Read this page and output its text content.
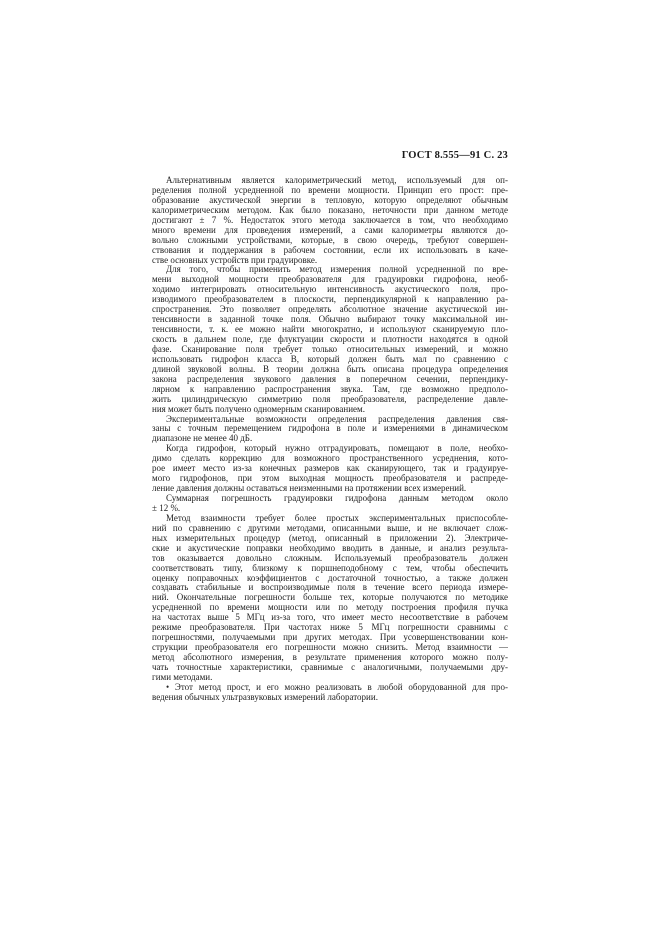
ГОСТ 8.555—91 С. 23
Альтернативным является калориметрический метод, используемый для оп-
ределения полной усредненной по времени мощности. Принцип его прост: пре-
образование акустической энергии в тепловую, которую определяют обычным
калориметрическим методом. Как было показано, неточности при данном методе
достигают ± 7 %. Недостаток этого метода заключается в том, что необходимо
много времени для проведения измерений, а сами калориметры являются до-
вольно сложными устройствами, которые, в свою очередь, требуют совершен-
ствования и поддержания в рабочем состоянии, если их использовать в каче-
стве основных устройств при градуировке.
Для того, чтобы применить метод измерения полной усредненной по вре-
мени выходной мощности преобразователя для градуировки гидрофона, необ-
ходимо интегрировать относительную интенсивность акустического поля, про-
изводимого преобразователем в плоскости, перпендикулярной к направлению ра-
спространения. Это позволяет определять абсолютное значение акустической ин-
тенсивности в заданной точке поля. Обычно выбирают точку максимальной ин-
тенсивности, т. к. ее можно найти многократно, и используют сканируемую пло-
скость в дальнем поле, где флуктуации скорости и плотности находятся в одной
фазе. Сканирование поля требует только относительных измерений, и можно
использовать гидрофон класса В, который должен быть мал по сравнению с
длиной звуковой волны. В теории должна быть описана процедура определения
закона распределения звукового давления в поперечном сечении, перпендику-
лярном к направлению распространения звука. Там, где возможно предполо-
жить цилиндрическую симметрию поля преобразователя, распределение давле-
ния может быть получено одномерным сканированием.
Экспериментальные возможности определения распределения давления свя-
заны с точным перемещением гидрофона в поле и измерениями в динамическом
диапазоне не менее 40 дБ.
Когда гидрофон, который нужно отградуировать, помещают в поле, необхо-
димо сделать коррекцию для возможного пространственного усреднения, кото-
рое имеет место из-за конечных размеров как сканирующего, так и градуируе-
мого гидрофонов, при этом выходная мощность преобразователя и распреде-
ление давления должны оставаться неизменными на протяжении всех измерений.
Суммарная погрешность градуировки гидрофона данным методом около
± 12 %.
Метод взаимности требует более простых экспериментальных приспособле-
ний по сравнению с другими методами, описанными выше, и не включает слож-
ных измерительных процедур (метод, описанный в приложении 2). Электриче-
ские и акустические поправки необходимо вводить в данные, и анализ результа-
тов оказывается довольно сложным. Используемый преобразователь должен
соответствовать типу, близкому к поршнеподобному с тем, чтобы обеспечить
оценку поправочных коэффициентов с достаточной точностью, а также должен
создавать стабильные и воспроизводимые поля в течение всего периода измере-
ний. Окончательные погрешности больше тех, которые получаются по методике
усредненной по времени мощности или по методу построения профиля пучка
на частотах выше 5 МГц из-за того, что имеет место несоответствие в рабочем
режиме преобразователя. При частотах ниже 5 МГц погрешности сравнимы с
погрешностями, получаемыми при других методах. При усовершенствовании кон-
струкции преобразователя его погрешности можно снизить. Метод взаимности —
метод абсолютного измерения, в результате применения которого можно полу-
чать точностные характеристики, сравнимые с аналогичными, получаемыми дру-
гими методами.
• Этот метод прост, и его можно реализовать в любой оборудованной для про-
ведения обычных ультразвуковых измерений лаборатории.
